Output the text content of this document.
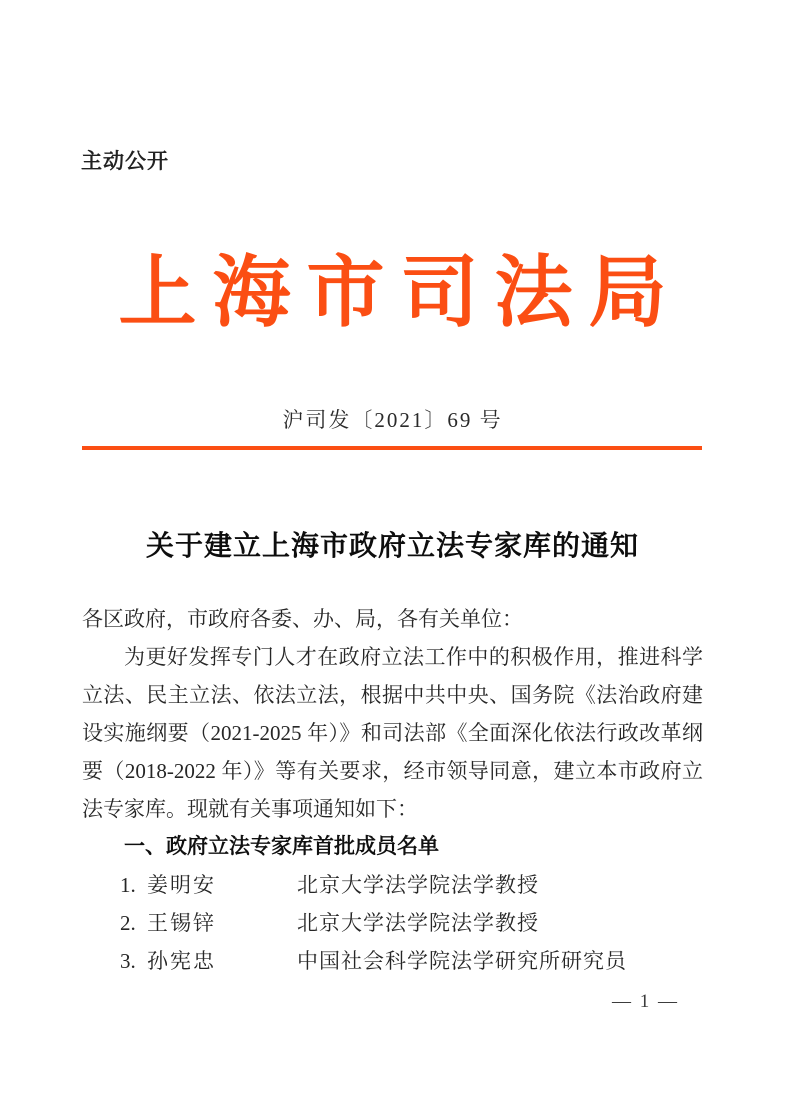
主动公开
上海市司法局
沪司发〔2021〕69 号
关于建立上海市政府立法专家库的通知
各区政府，市政府各委、办、局，各有关单位：
为更好发挥专门人才在政府立法工作中的积极作用，推进科学
立法、民主立法、依法立法，根据中共中央、国务院《法治政府建
设实施纲要（2021-2025 年）》和司法部《全面深化依法行政改革纲
要（2018-2022 年）》等有关要求，经市领导同意，建立本市政府立
法专家库。现就有关事项通知如下：
一、政府立法专家库首批成员名单
1. 姜明安	北京大学法学院法学教授
2. 王锡锌	北京大学法学院法学教授
3. 孙宪忠	中国社会科学院法学研究所研究员
— 1 —
